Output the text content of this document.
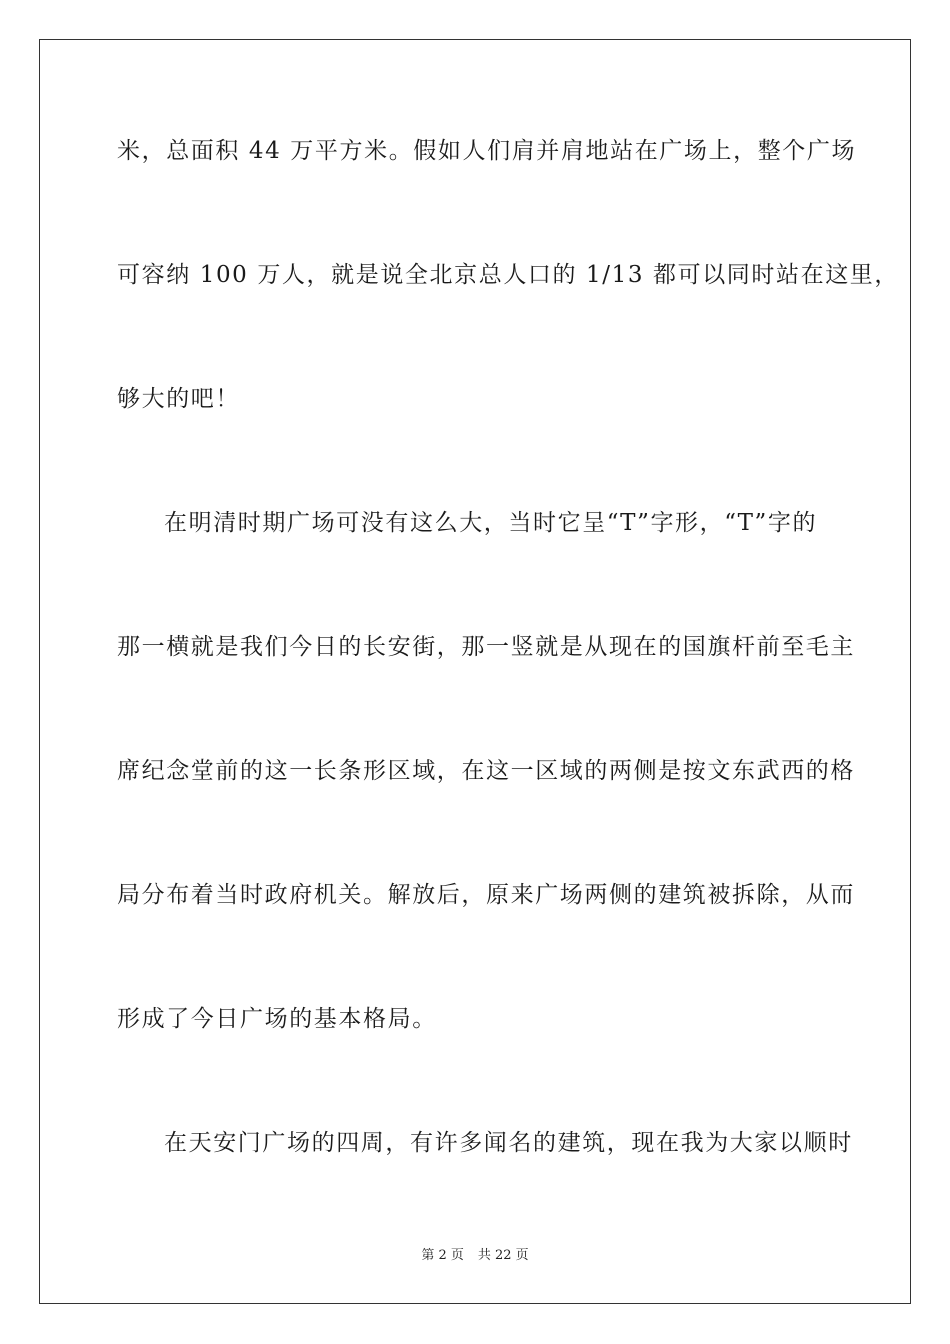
米，总面积 44 万平方米。假如人们肩并肩地站在广场上，整个广场
可容纳 100 万人，就是说全北京总人口的 1/13 都可以同时站在这里，
够大的吧！
在明清时期广场可没有这么大，当时它呈“T”字形，“T”字的
那一横就是我们今日的长安街，那一竖就是从现在的国旗杆前至毛主
席纪念堂前的这一长条形区域，在这一区域的两侧是按文东武西的格
局分布着当时政府机关。解放后，原来广场两侧的建筑被拆除，从而
形成了今日广场的基本格局。
在天安门广场的四周，有许多闻名的建筑，现在我为大家以顺时
第 2 页 共 22 页
